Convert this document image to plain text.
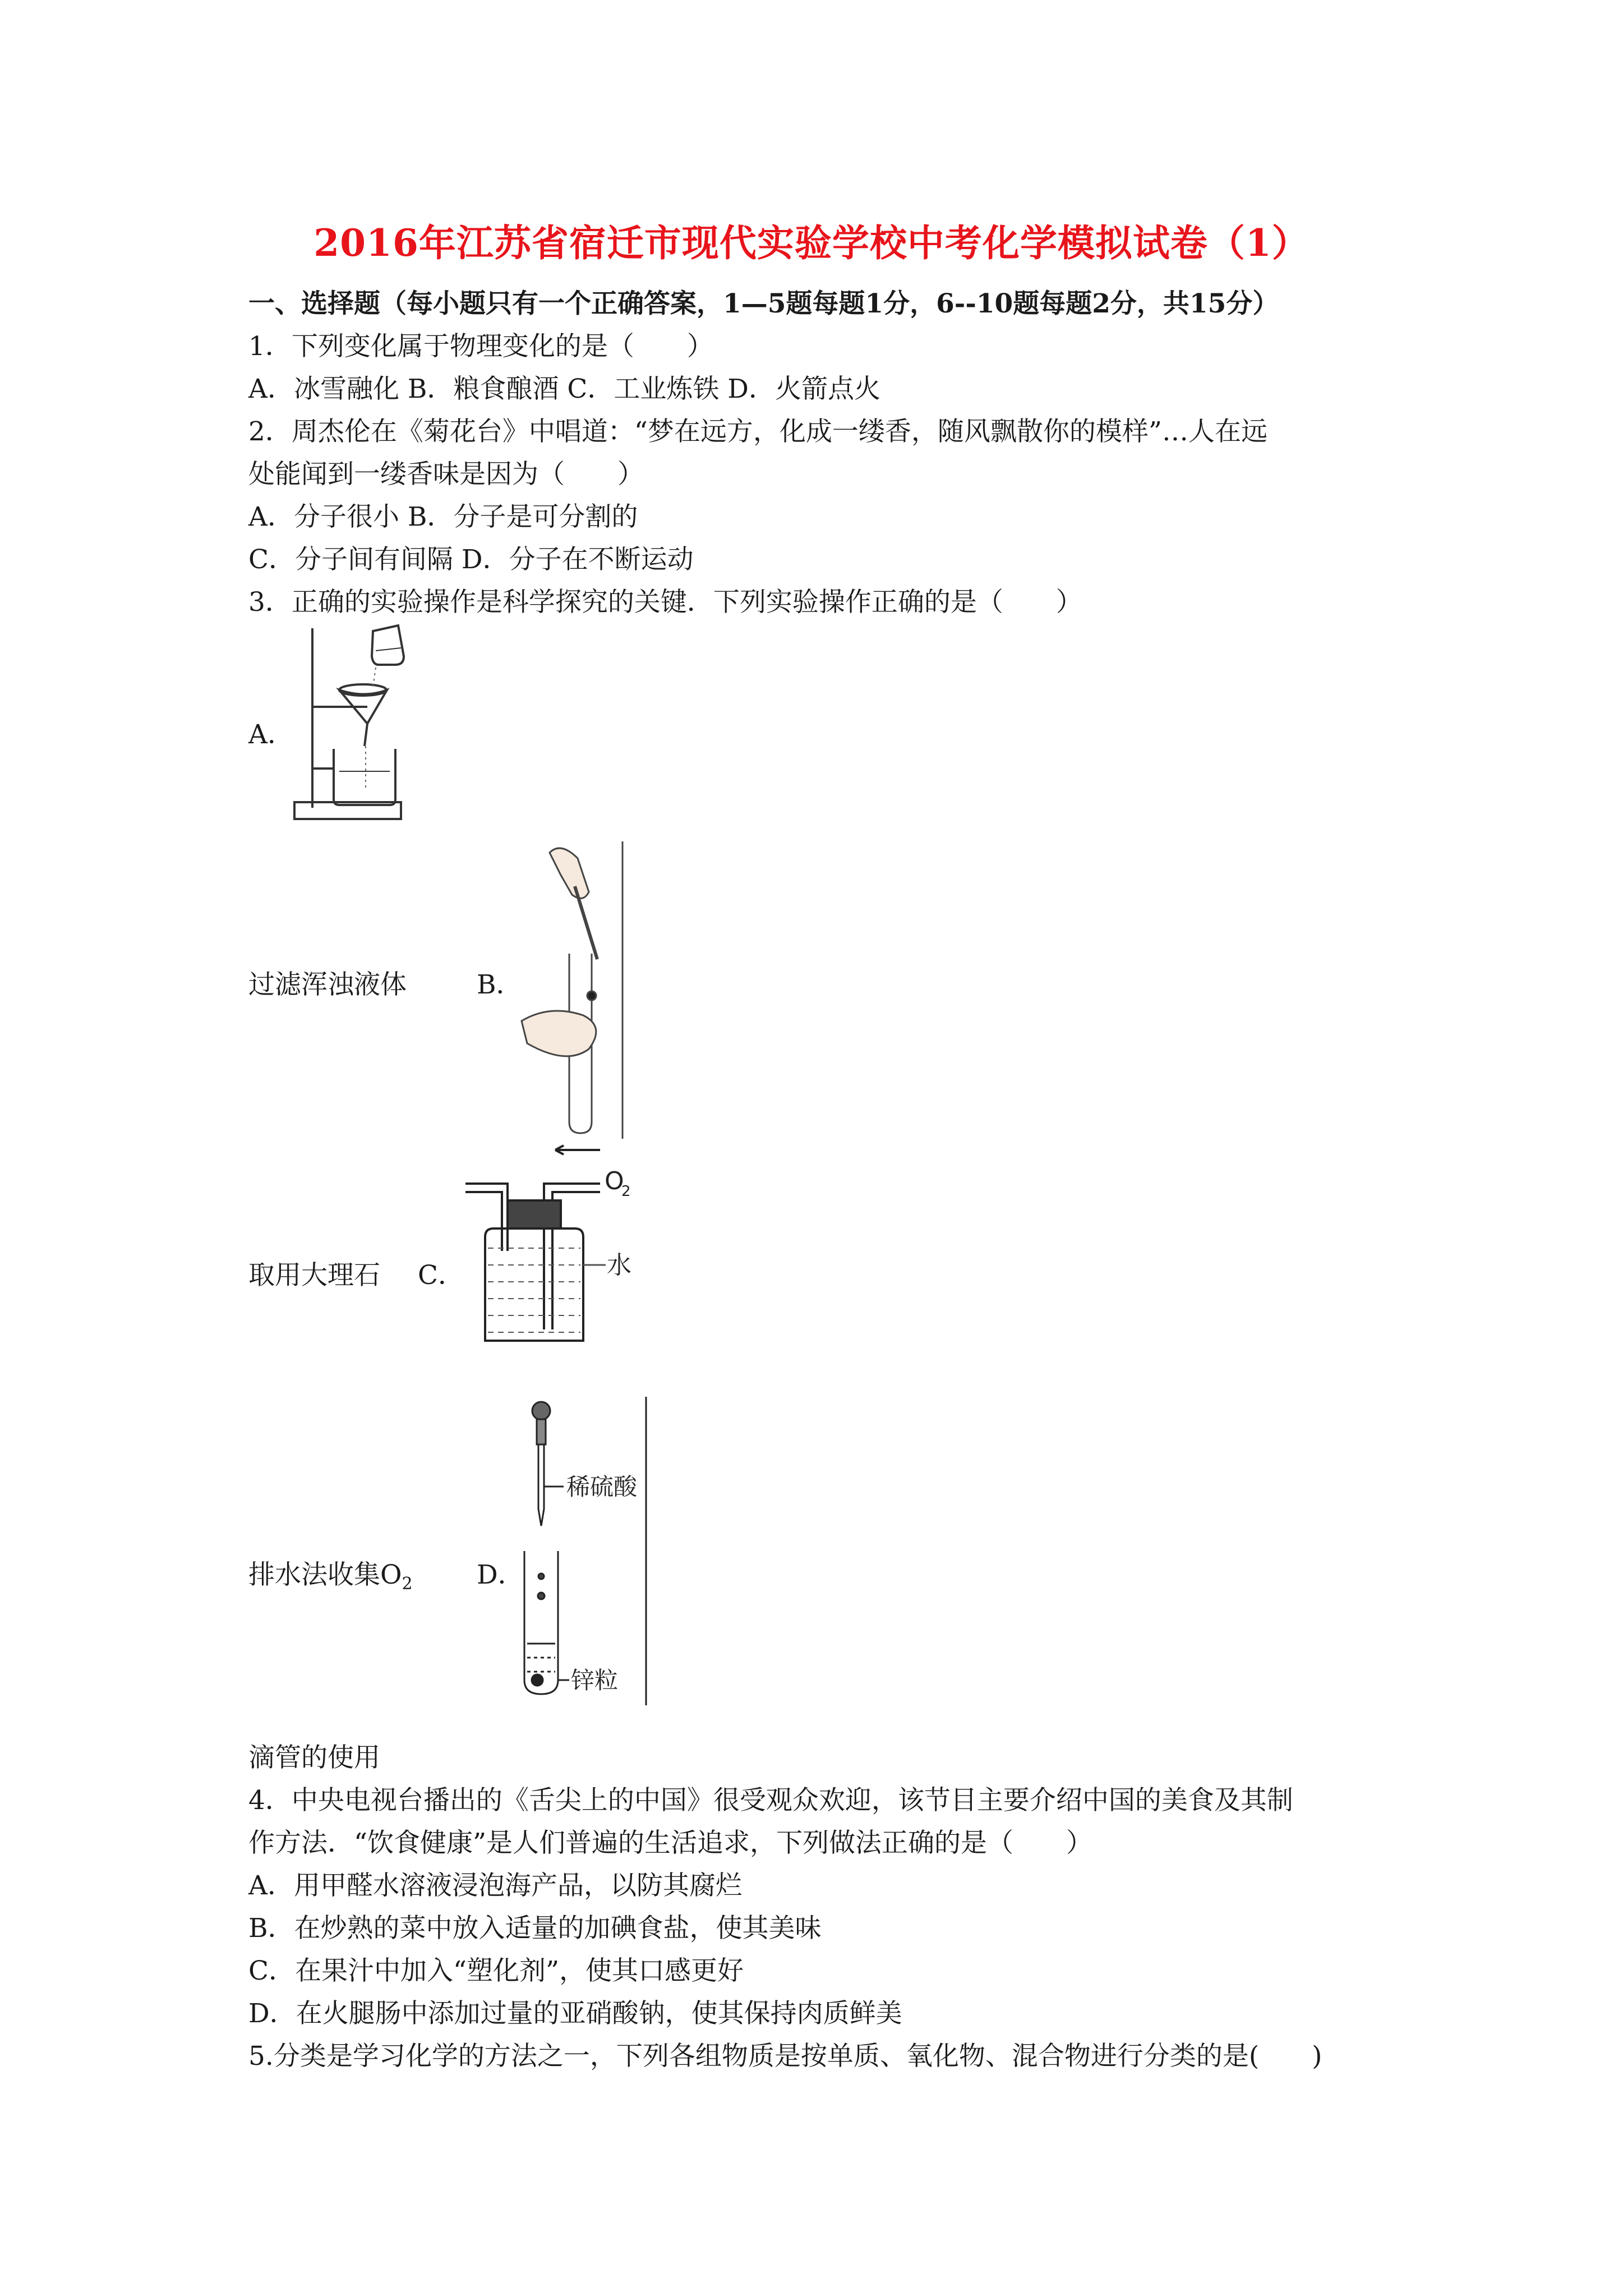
2016年江苏省宿迁市现代实验学校中考化学模拟试卷（1）
一、选择题（每小题只有一个正确答案，1—5题每题1分，6--10题每题2分，共15分）
1．下列变化属于物理变化的是（　　）
A．冰雪融化 B．粮食酿酒 C．工业炼铁 D．火箭点火
2．周杰伦在《菊花台》中唱道：“梦在远方，化成一缕香，随风飘散你的模样”…人在远
处能闻到一缕香味是因为（　　）
A．分子很小 B．分子是可分割的
C．分子间有间隔 D．分子在不断运动
3．正确的实验操作是科学探究的关键．下列实验操作正确的是（　　）
A．
过滤浑浊液体	B．
取用大理石 C．
O
2
水
排水法收集$O_2$ D．
稀硫酸
锌粒
滴管的使用
4．中央电视台播出的《舌尖上的中国》很受观众欢迎，该节目主要介绍中国的美食及其制
作方法．“饮食健康”是人们普遍的生活追求，下列做法正确的是（　　）
A．用甲醛水溶液浸泡海产品，以防其腐烂
B．在炒熟的菜中放入适量的加碘食盐，使其美味
C．在果汁中加入“塑化剂”，使其口感更好
D．在火腿肠中添加过量的亚硝酸钠，使其保持肉质鲜美
5.分类是学习化学的方法之一，下列各组物质是按单质、氧化物、混合物进行分类的是(　　)
